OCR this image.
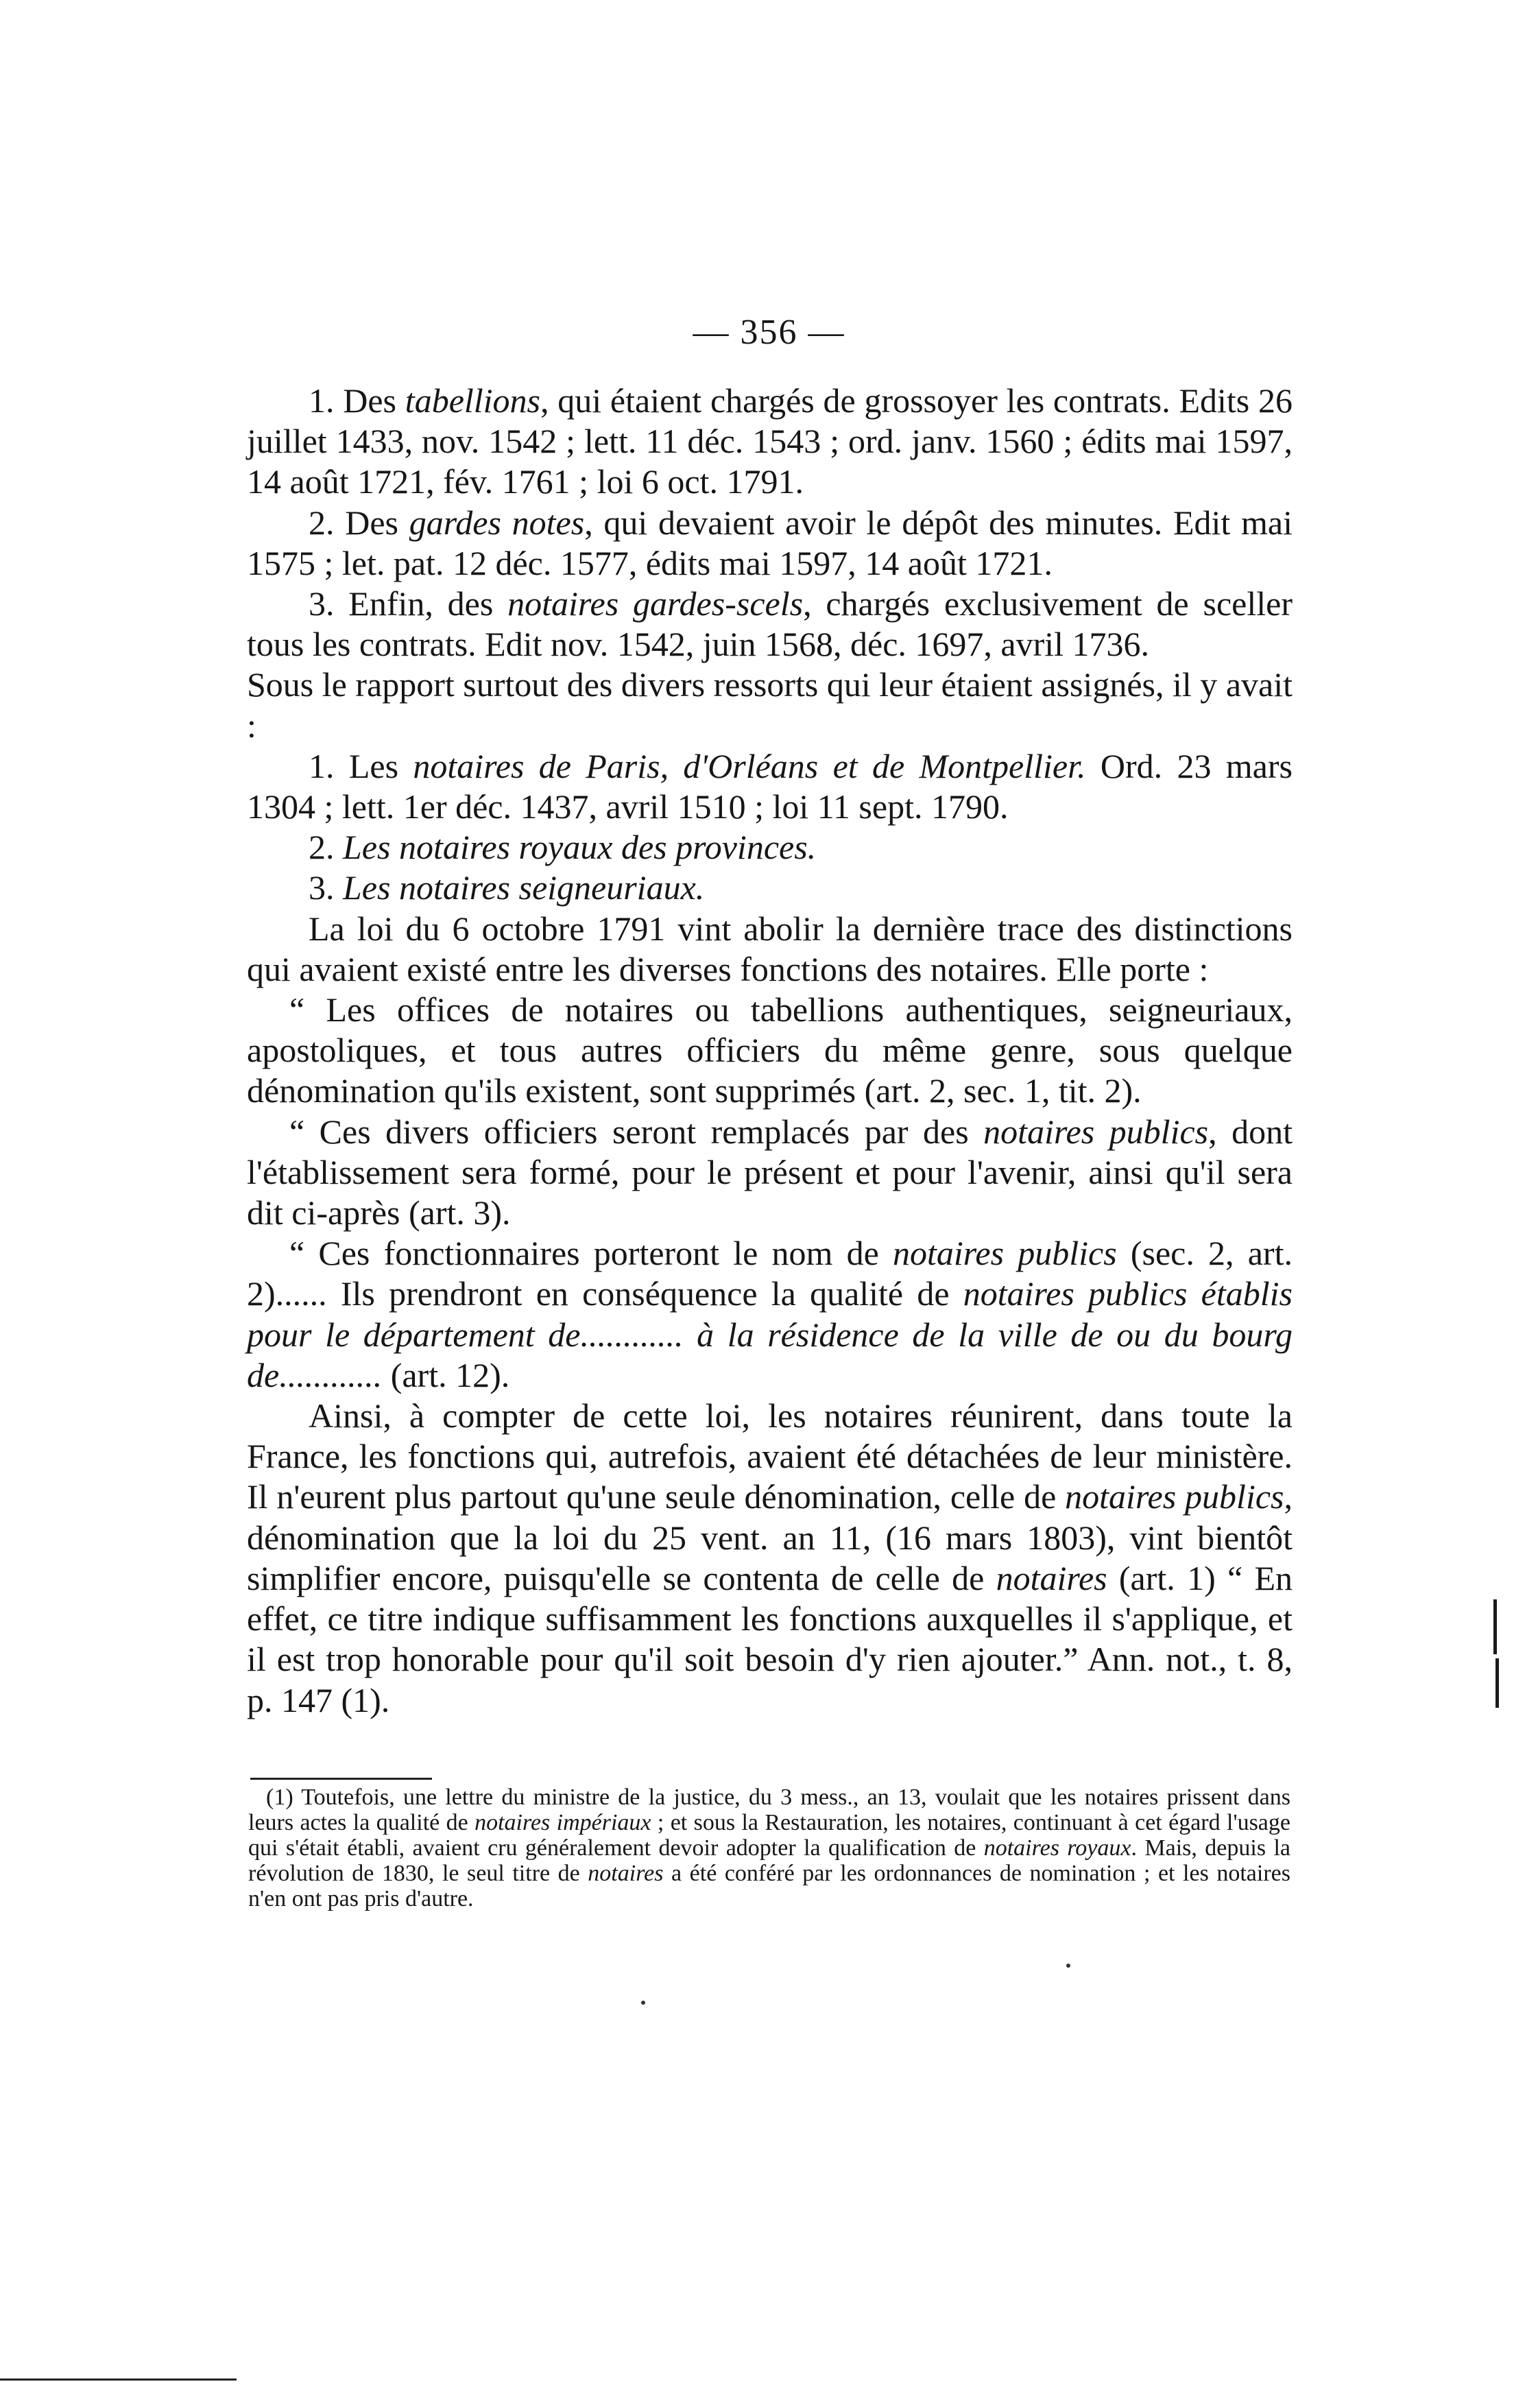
— 356 —

1. Des tabellions, qui étaient chargés de grossoyer les contrats. Edits 26 juillet 1433, nov. 1542 ; lett. 11 déc. 1543 ; ord. janv. 1560 ; édits mai 1597, 14 août 1721, fév. 1761 ; loi 6 oct. 1791.

2. Des gardes notes, qui devaient avoir le dépôt des minutes. Edit mai 1575 ; let. pat. 12 déc. 1577, édits mai 1597, 14 août 1721.

3. Enfin, des notaires gardes-scels, chargés exclusivement de sceller tous les contrats. Edit nov. 1542, juin 1568, déc. 1697, avril 1736.

Sous le rapport surtout des divers ressorts qui leur étaient assignés, il y avait :

1. Les notaires de Paris, d'Orléans et de Montpellier. Ord. 23 mars 1304 ; lett. 1er déc. 1437, avril 1510 ; loi 11 sept. 1790.

2. Les notaires royaux des provinces.

3. Les notaires seigneuriaux.

La loi du 6 octobre 1791 vint abolir la dernière trace des distinctions qui avaient existé entre les diverses fonctions des notaires. Elle porte :

“ Les offices de notaires ou tabellions authentiques, seigneuriaux, apostoliques, et tous autres officiers du même genre, sous quelque dénomination qu'ils existent, sont supprimés (art. 2, sec. 1, tit. 2).

“ Ces divers officiers seront remplacés par des notaires publics, dont l'établissement sera formé, pour le présent et pour l'avenir, ainsi qu'il sera dit ci-après (art. 3).

“ Ces fonctionnaires porteront le nom de notaires publics (sec. 2, art. 2)...... Ils prendront en conséquence la qualité de notaires publics établis pour le département de............ à la résidence de la ville de ou du bourg de............ (art. 12).

Ainsi, à compter de cette loi, les notaires réunirent, dans toute la France, les fonctions qui, autrefois, avaient été détachées de leur ministère. Il n'eurent plus partout qu'une seule dénomination, celle de notaires publics, dénomination que la loi du 25 vent. an 11, (16 mars 1803), vint bientôt simplifier encore, puisqu'elle se contenta de celle de notaires (art. 1) “ En effet, ce titre indique suffisamment les fonctions auxquelles il s'applique, et il est trop honorable pour qu'il soit besoin d'y rien ajouter.” Ann. not., t. 8, p. 147 (1).

(1) Toutefois, une lettre du ministre de la justice, du 3 mess., an 13, voulait que les notaires prissent dans leurs actes la qualité de notaires impériaux ; et sous la Restauration, les notaires, continuant à cet égard l'usage qui s'était établi, avaient cru généralement devoir adopter la qualification de notaires royaux. Mais, depuis la révolution de 1830, le seul titre de notaires a été conféré par les ordonnances de nomination ; et les notaires n'en ont pas pris d'autre.
